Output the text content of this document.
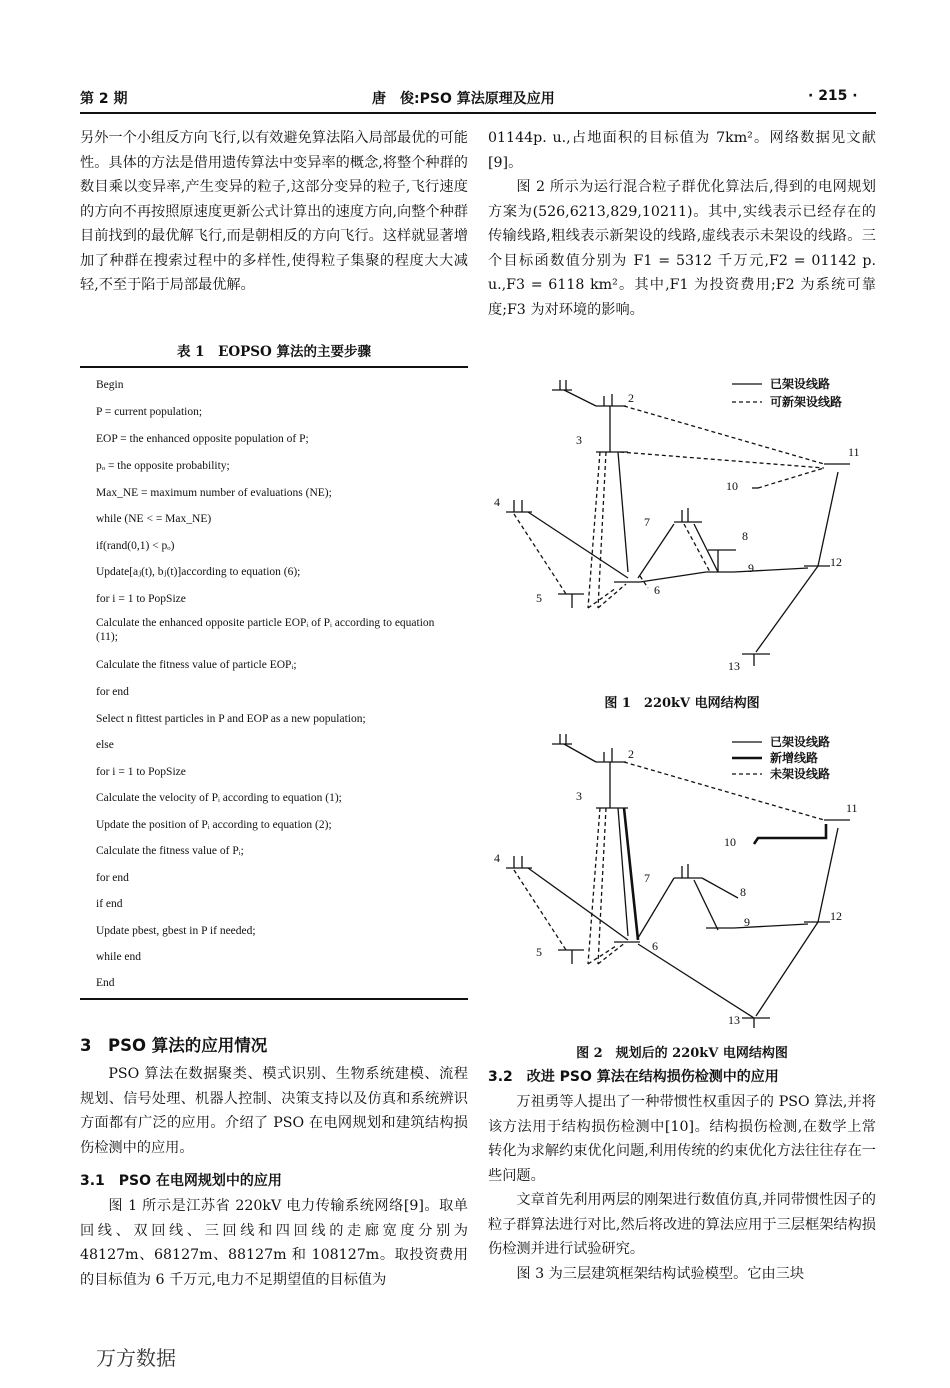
第 2 期	唐　俊:PSO 算法原理及应用	· 215 ·

另外一个小组反方向飞行,以有效避免算法陷入局部最优的可能性。具体的方法是借用遗传算法中变异率的概念,将整个种群的数目乘以变异率,产生变异的粒子,这部分变异的粒子,飞行速度的方向不再按照原速度更新公式计算出的速度方向,向整个种群目前找到的最优解飞行,而是朝相反的方向飞行。这样就显著增加了种群在搜索过程中的多样性,使得粒子集聚的程度大大减轻,不至于陷于局部最优解。

表 1　EOPSO 算法的主要步骤
Begin
P = current population;
EOP = the enhanced opposite population of P;
pₒ = the opposite probability;
Max_NE = maximum number of evaluations (NE);
while (NE < = Max_NE)
if(rand(0,1) < pₒ)
Update[aⱼ(t), bⱼ(t)]according to equation (6);
for i = 1 to PopSize
Calculate the enhanced opposite particle EOPᵢ of Pᵢ according to equation (11);
Calculate the fitness value of particle EOPᵢ;
for end
Select n fittest particles in P and EOP as a new population;
else
for i = 1 to PopSize
Calculate the velocity of Pᵢ according to equation (1);
Update the position of Pᵢ according to equation (2);
Calculate the fitness value of Pᵢ;
for end
if end
Update pbest, gbest in P if needed;
while end
End
3　PSO 算法的应用情况

PSO 算法在数据聚类、模式识别、生物系统建模、流程规划、信号处理、机器人控制、决策支持以及仿真和系统辨识方面都有广泛的应用。介绍了 PSO 在电网规划和建筑结构损伤检测中的应用。

3.1　PSO 在电网规划中的应用

图 1 所示是江苏省 220kV 电力传输系统网络[9]。取单回线、双回线、三回线和四回线的走廊宽度分别为 48127m、68127m、88127m 和 108127m。取投资费用的目标值为 6 千万元,电力不足期望值的目标值为

01144p. u.,占地面积的目标值为 7km²。网络数据见文献[9]。

图 2 所示为运行混合粒子群优化算法后,得到的电网规划方案为(526,6213,829,10211)。其中,实线表示已经存在的传输线路,粗线表示新架设的线路,虚线表示未架设的线路。三个目标函数值分别为 F1 = 5312 千万元,F2 = 01142 p. u.,F3 = 6118 km²。其中,F1 为投资费用;F2 为系统可靠度;F3 为对环境的影响。

2
3
4
5
6
7
8
9
10
11
12
13
已架设线路
可新架设线路
图 1　220kV 电网结构图
2
3
4
5	6
7
8
9
10
11
12
13
已架设线路
新增线路
未架设线路
图 2　规划后的 220kV 电网结构图
3.2　改进 PSO 算法在结构损伤检测中的应用

万祖勇等人提出了一种带惯性权重因子的 PSO 算法,并将该方法用于结构损伤检测中[10]。结构损伤检测,在数学上常转化为求解约束优化问题,利用传统的约束优化方法往往存在一些问题。

文章首先利用两层的刚架进行数值仿真,并同带惯性因子的粒子群算法进行对比,然后将改进的算法应用于三层框架结构损伤检测并进行试验研究。

图 3 为三层建筑框架结构试验模型。它由三块

万方数据
